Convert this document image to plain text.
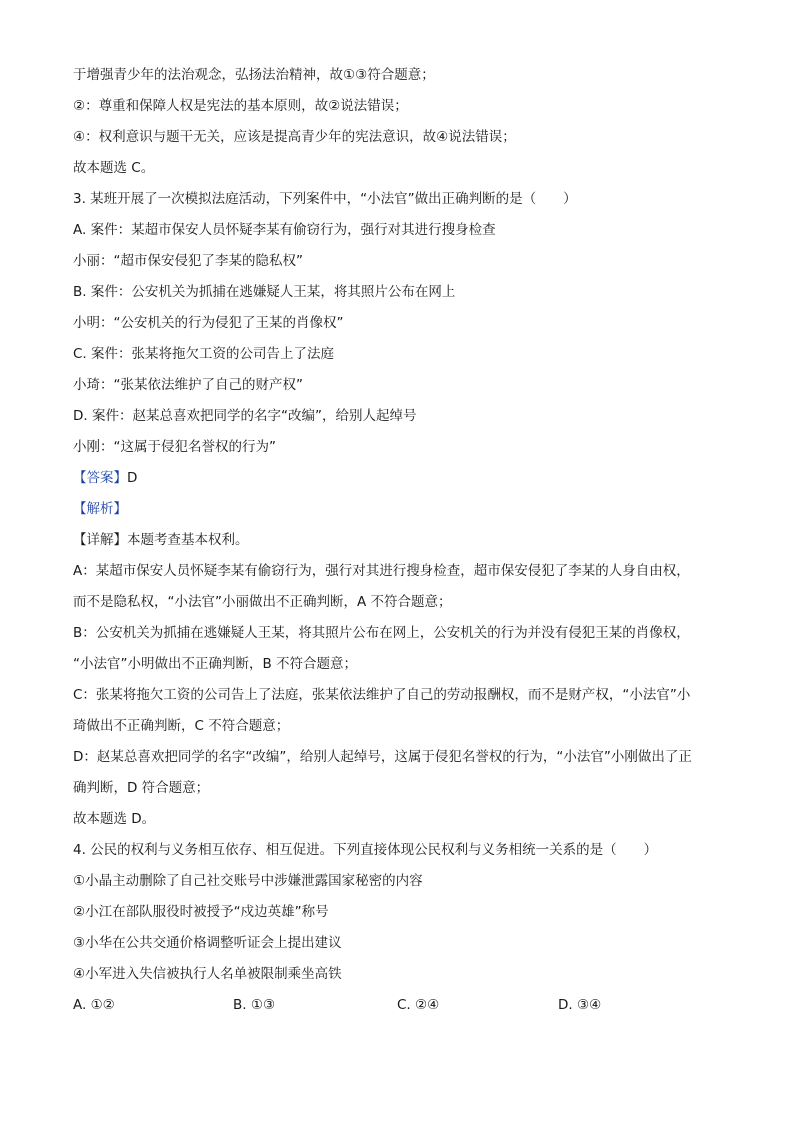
于增强青少年的法治观念，弘扬法治精神，故①③符合题意；
②：尊重和保障人权是宪法的基本原则，故②说法错误；
④：权利意识与题干无关，应该是提高青少年的宪法意识，故④说法错误；
故本题选 C。
3. 某班开展了一次模拟法庭活动，下列案件中，“小法官”做出正确判断的是（　　）
A. 案件：某超市保安人员怀疑李某有偷窃行为，强行对其进行搜身检查
小丽：“超市保安侵犯了李某的隐私权”
B. 案件：公安机关为抓捕在逃嫌疑人王某，将其照片公布在网上
小明：“公安机关的行为侵犯了王某的肖像权”
C. 案件：张某将拖欠工资的公司告上了法庭
小琦：“张某依法维护了自己的财产权”
D. 案件：赵某总喜欢把同学的名字“改编”，给别人起绰号
小刚：“这属于侵犯名誉权的行为”
【答案】D
【解析】
【详解】本题考查基本权利。
A：某超市保安人员怀疑李某有偷窃行为，强行对其进行搜身检查，超市保安侵犯了李某的人身自由权，
而不是隐私权，“小法官”小丽做出不正确判断，A 不符合题意；
B：公安机关为抓捕在逃嫌疑人王某，将其照片公布在网上，公安机关的行为并没有侵犯王某的肖像权，
“小法官”小明做出不正确判断，B 不符合题意；
C：张某将拖欠工资的公司告上了法庭，张某依法维护了自己的劳动报酬权，而不是财产权，“小法官”小
琦做出不正确判断，C 不符合题意；
D：赵某总喜欢把同学的名字“改编”，给别人起绰号，这属于侵犯名誉权的行为，“小法官”小刚做出了正
确判断，D 符合题意；
故本题选 D。
4. 公民的权利与义务相互依存、相互促进。下列直接体现公民权利与义务相统一关系的是（　　）
①小晶主动删除了自己社交账号中涉嫌泄露国家秘密的内容
②小江在部队服役时被授予“戍边英雄”称号
③小华在公共交通价格调整听证会上提出建议
④小军进入失信被执行人名单被限制乘坐高铁
A. ①②	B. ①③	C. ②④	D. ③④
